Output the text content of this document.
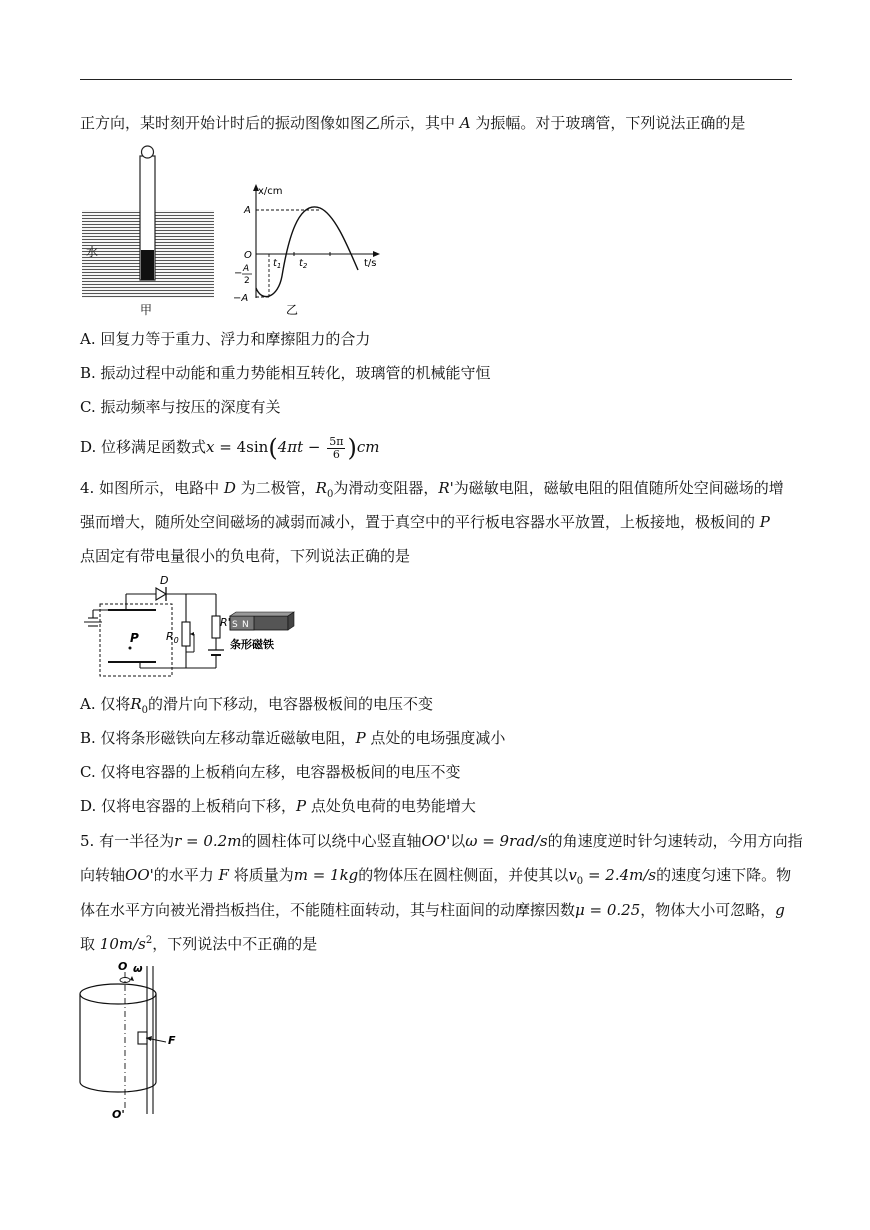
正方向，某时刻开始计时后的振动图像如图乙所示，其中 A 为振幅。对于玻璃管，下列说法正确的是
水
甲
x/cm
t/s
A
O
− A
2
−A
$t_1$ $t_2$
乙
A. 回复力等于重力、浮力和摩擦阻力的合力
B. 振动过程中动能和重力势能相互转化，玻璃管的机械能守恒
C. 振动频率与按压的深度有关
D. 位移满足函数式$x = 4\sin(4\pi t - \frac{5\pi}{6} )cm$
4. 如图所示，电路中 D 为二极管，$R_0$为滑动变阻器，R'为磁敏电阻，磁敏电阻的阻值随所处空间磁场的增
强而增大，随所处空间磁场的减弱而减小，置于真空中的平行板电容器水平放置，上板接地，极板间的 P
点固定有带电量很小的负电荷，下列说法正确的是
S N
D
P $R_0$
R'
条形磁铁
A. 仅将$R_0$的滑片向下移动，电容器极板间的电压不变
B. 仅将条形磁铁向左移动靠近磁敏电阻，P 点处的电场强度减小
C. 仅将电容器的上板稍向左移，电容器极板间的电压不变
D. 仅将电容器的上板稍向下移，P 点处负电荷的电势能增大
5. 有一半径为r = 0.2m的圆柱体可以绕中心竖直轴OO'以ω = 9rad/s的角速度逆时针匀速转动，今用方向指
向转轴OO'的水平力 F 将质量为m = 1kg的物体压在圆柱侧面，并使其以$v_0 = 2.4m/s$的速度匀速下降。物
体在水平方向被光滑挡板挡住，不能随柱面转动，其与柱面间的动摩擦因数μ = 0.25，物体大小可忽略，g
取 $10m/s^2$，下列说法中不正确的是
O ω
F
O'
